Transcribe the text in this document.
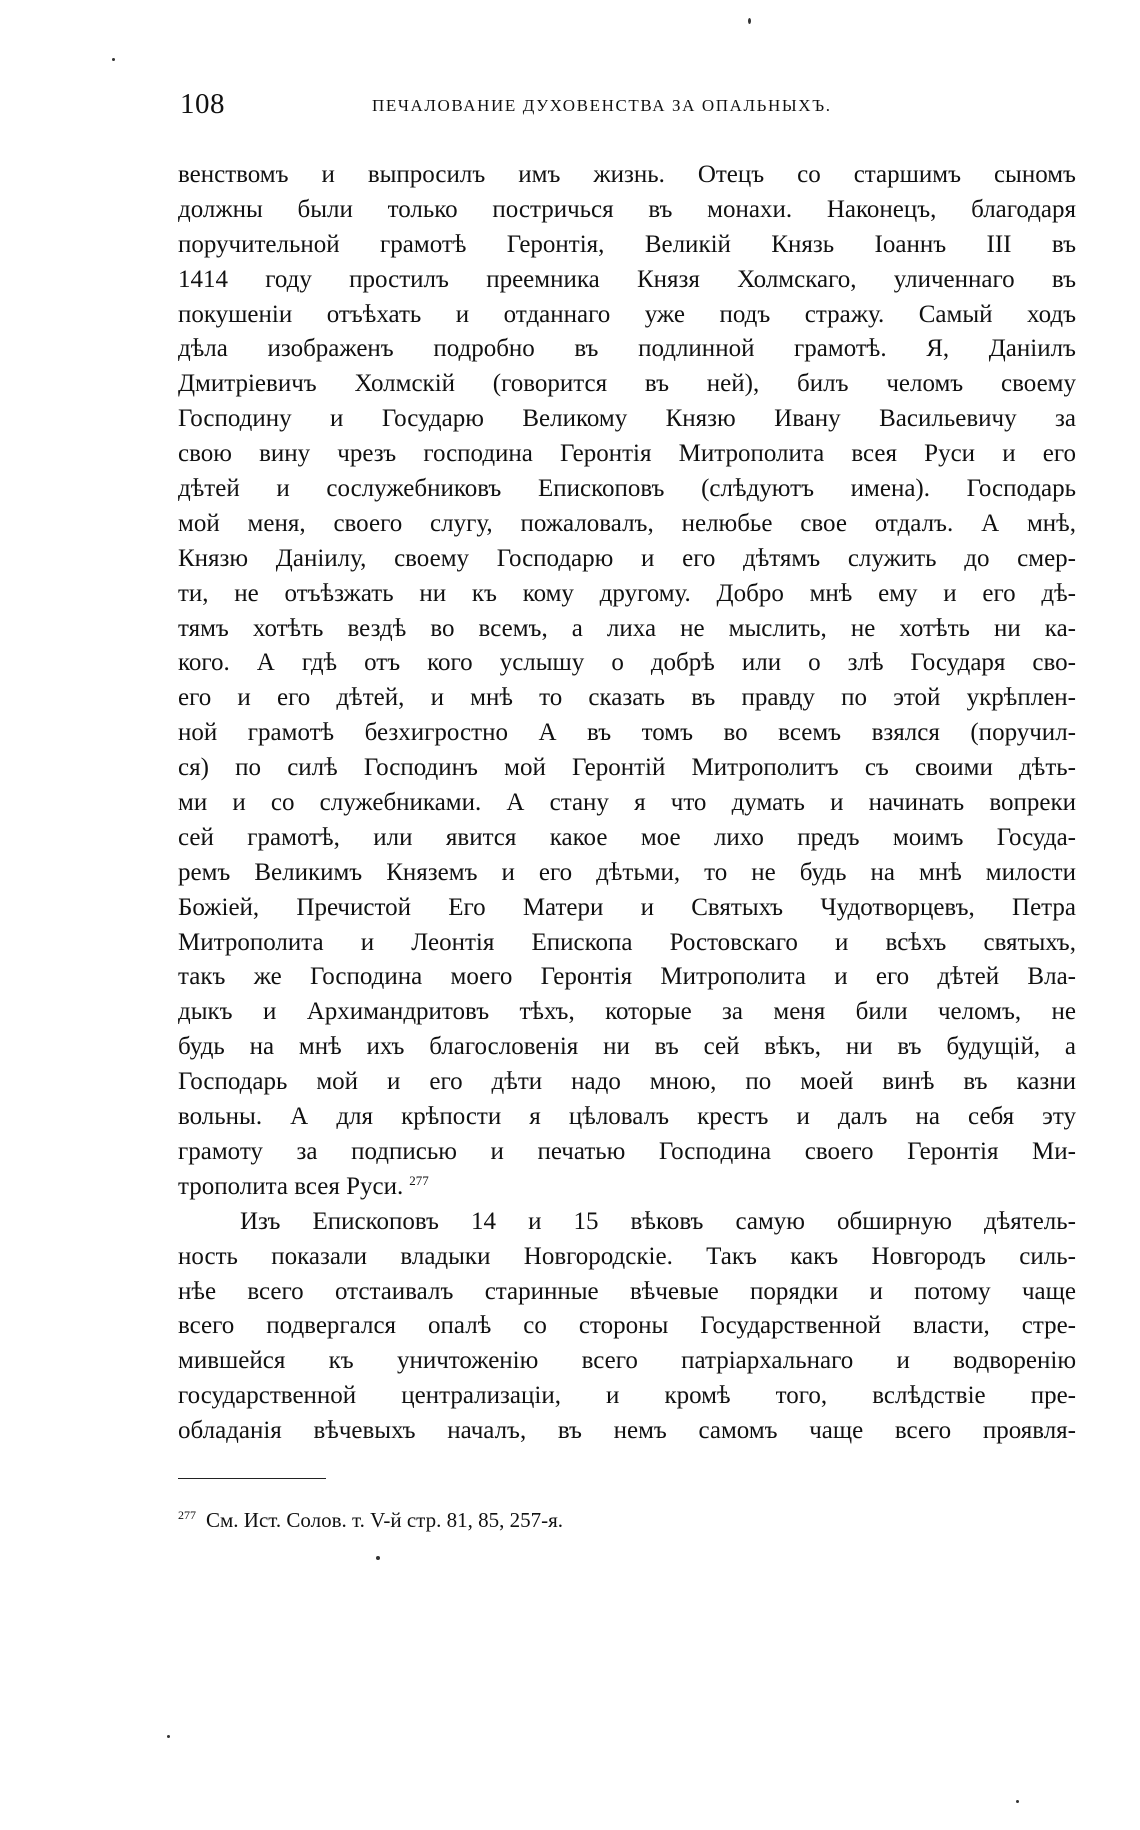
108	ПЕЧАЛОВАНИЕ ДУХОВЕНСТВА ЗА ОПАЛЬНЫХЪ.
венствомъ и выпросилъ имъ жизнь. Отецъ со старшимъ сыномъ
должны были только постричься въ монахи. Наконецъ, благодаря
поручительной грамотѣ Геронтія, Великій Князь Іоаннъ III въ
1414 году простилъ преемника Князя Холмскаго, уличеннаго въ
покушеніи отъѣхать и отданнаго уже подъ стражу. Самый ходъ
дѣла изображенъ подробно въ подлинной грамотѣ. Я, Даніилъ
Дмитріевичъ Холмскій (говорится въ ней), билъ челомъ своему
Господину и Государю Великому Князю Ивану Васильевичу за
свою вину чрезъ господина Геронтія Митрополита всея Руси и его
дѣтей и сослужебниковъ Епископовъ (слѣдуютъ имена). Господарь
мой меня, своего слугу, пожаловалъ, нелюбье свое отдалъ. А мнѣ,
Князю Даніилу, своему Господарю и его дѣтямъ служить до смер-
ти, не отъѣзжать ни къ кому другому. Добро мнѣ ему и его дѣ-
тямъ хотѣть вездѣ во всемъ, а лиха не мыслить, не хотѣть ни ка-
кого. А гдѣ отъ кого услышу о добрѣ или о злѣ Государя сво-
его и его дѣтей, и мнѣ то сказать въ правду по этой укрѣплен-
ной грамотѣ безхигростно А въ томъ во всемъ взялся (поручил-
ся) по силѣ Господинъ мой Геронтій Митрополитъ съ своими дѣть-
ми и со служебниками. А стану я что думать и начинать вопреки
сей грамотѣ, или явится какое мое лихо предъ моимъ Госуда-
ремъ Великимъ Княземъ и его дѣтьми, то не будь на мнѣ милости
Божіей, Пречистой Его Матери и Святыхъ Чудотворцевъ, Петра
Митрополита и Леонтія Епископа Ростовскаго и всѣхъ святыхъ,
такъ же Господина моего Геронтія Митрополита и его дѣтей Вла-
дыкъ и Архимандритовъ тѣхъ, которые за меня били челомъ, не
будь на мнѣ ихъ благословенія ни въ сей вѣкъ, ни въ будущій, а
Господарь мой и его дѣти надо мною, по моей винѣ въ казни
вольны. А для крѣпости я цѣловалъ крестъ и далъ на себя эту
грамоту за подписью и печатью Господина своего Геронтія Ми-
трополита всея Руси. $^{277}$
Изъ Епископовъ 14 и 15 вѣковъ самую обширную дѣятель-
ность показали владыки Новгородскіе. Такъ какъ Новгородъ силь-
нѣе всего отстаивалъ старинные вѣчевые порядки и потому чаще
всего подвергался опалѣ со стороны Государственной власти, стре-
мившейся къ уничтоженію всего патріархальнаго и водворенію
государственной централизаціи, и кромѣ того, вслѣдствіе пре-
обладанія вѣчевыхъ началъ, въ немъ самомъ чаще всего проявля-
$^{277}$ См. Ист. Солов. т. V-й стр. 81, 85, 257-я.
